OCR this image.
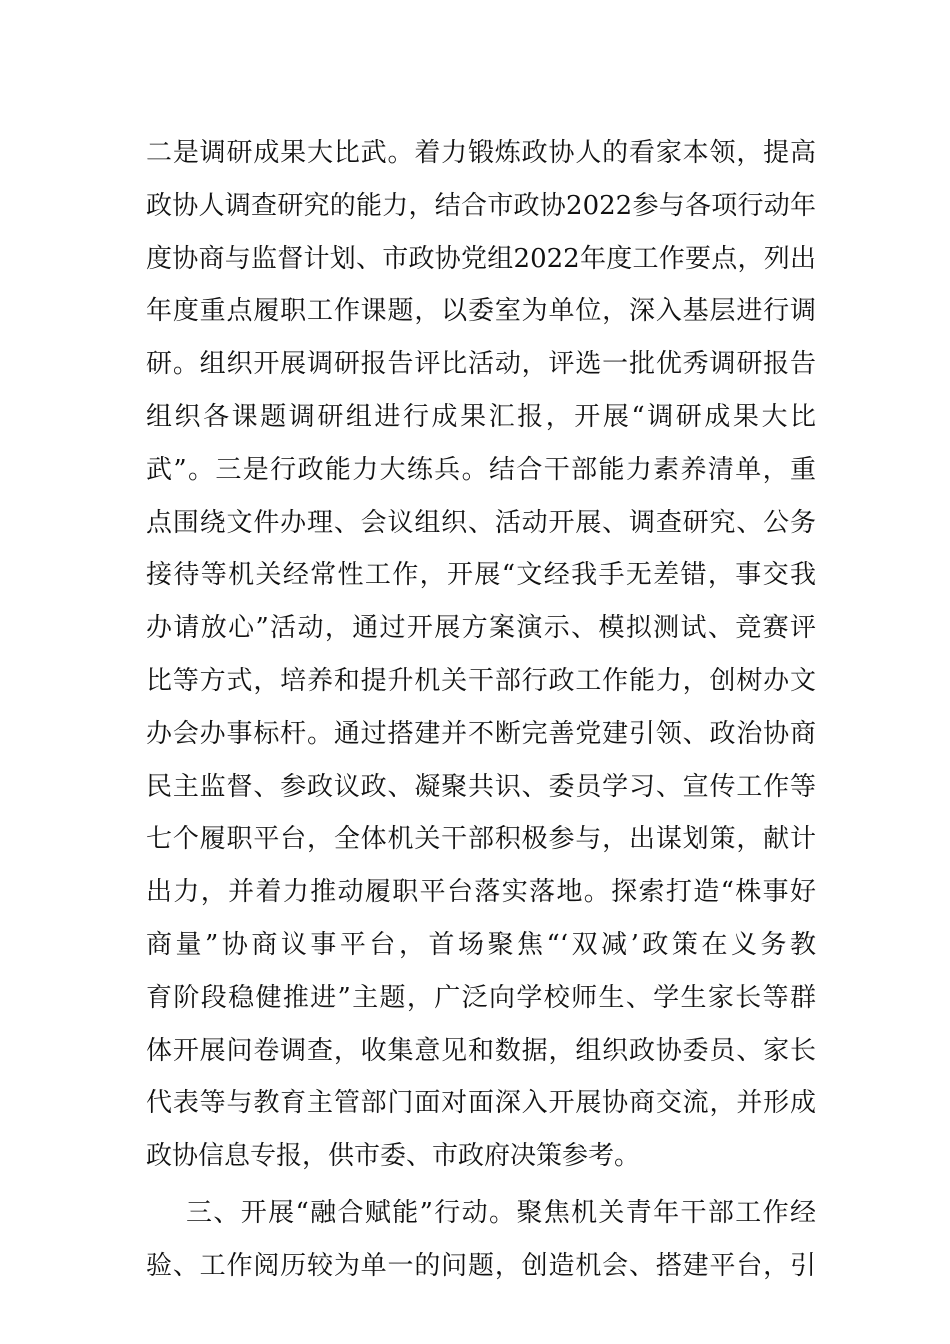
二是调研成果大比武。着力锻炼政协人的看家本领，提高

政协人调查研究的能力，结合市政协2022参与各项行动年

度协商与监督计划、市政协党组2022年度工作要点，列出

年度重点履职工作课题，以委室为单位，深入基层进行调

研。组织开展调研报告评比活动，评选一批优秀调研报告

组织各课题调研组进行成果汇报，开展“调研成果大比

武”。三是行政能力大练兵。结合干部能力素养清单，重

点围绕文件办理、会议组织、活动开展、调查研究、公务

接待等机关经常性工作，开展“文经我手无差错，事交我

办请放心”活动，通过开展方案演示、模拟测试、竞赛评

比等方式，培养和提升机关干部行政工作能力，创树办文

办会办事标杆。通过搭建并不断完善党建引领、政治协商

民主监督、参政议政、凝聚共识、委员学习、宣传工作等

七个履职平台，全体机关干部积极参与，出谋划策，献计

出力，并着力推动履职平台落实落地。探索打造“株事好

商量”协商议事平台，首场聚焦“‘双减’政策在义务教

育阶段稳健推进”主题，广泛向学校师生、学生家长等群

体开展问卷调查，收集意见和数据，组织政协委员、家长

代表等与教育主管部门面对面深入开展协商交流，并形成

政协信息专报，供市委、市政府决策参考。

三、开展“融合赋能”行动。聚焦机关青年干部工作经

验、工作阅历较为单一的问题，创造机会、搭建平台，引
